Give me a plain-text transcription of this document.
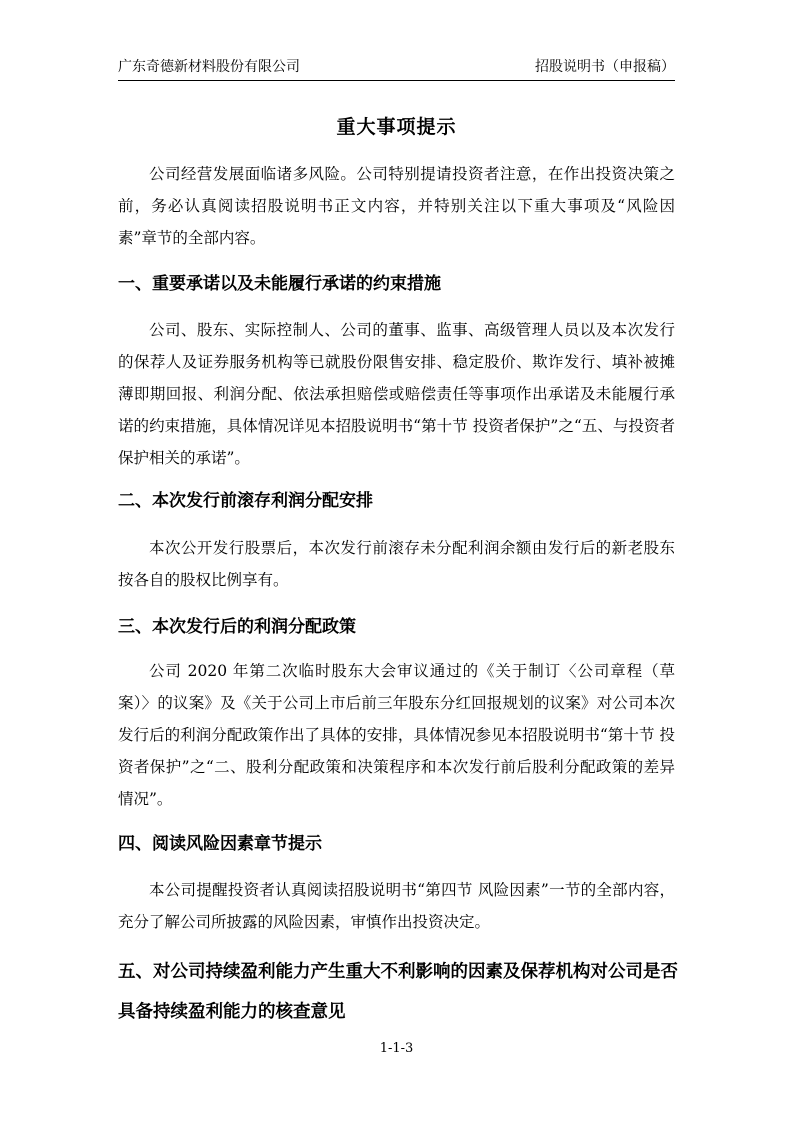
广东奇德新材料股份有限公司	招股说明书（申报稿）
重大事项提示

公司经营发展面临诸多风险。公司特别提请投资者注意，在作出投资决策之前，务必认真阅读招股说明书正文内容，并特别关注以下重大事项及“风险因素”章节的全部内容。

一、重要承诺以及未能履行承诺的约束措施

公司、股东、实际控制人、公司的董事、监事、高级管理人员以及本次发行的保荐人及证券服务机构等已就股份限售安排、稳定股价、欺诈发行、填补被摊薄即期回报、利润分配、依法承担赔偿或赔偿责任等事项作出承诺及未能履行承诺的约束措施，具体情况详见本招股说明书“第十节 投资者保护”之“五、与投资者保护相关的承诺”。

二、本次发行前滚存利润分配安排

本次公开发行股票后，本次发行前滚存未分配利润余额由发行后的新老股东按各自的股权比例享有。

三、本次发行后的利润分配政策

公司 2020 年第二次临时股东大会审议通过的《关于制订〈公司章程（草案）〉的议案》及《关于公司上市后前三年股东分红回报规划的议案》对公司本次发行后的利润分配政策作出了具体的安排，具体情况参见本招股说明书“第十节 投资者保护”之“二、股利分配政策和决策程序和本次发行前后股利分配政策的差异情况”。

四、阅读风险因素章节提示

本公司提醒投资者认真阅读招股说明书“第四节 风险因素”一节的全部内容，充分了解公司所披露的风险因素，审慎作出投资决定。

五、对公司持续盈利能力产生重大不利影响的因素及保荐机构对公司是否具备持续盈利能力的核查意见
1-1-3
